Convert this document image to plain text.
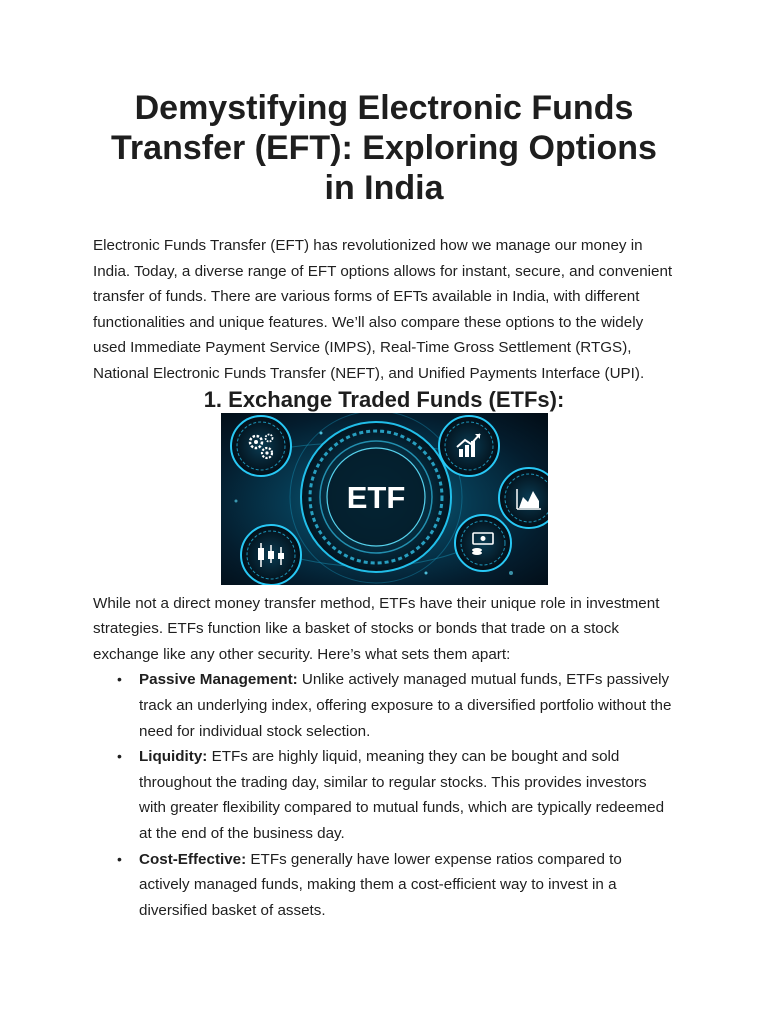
Demystifying Electronic Funds Transfer (EFT): Exploring Options in India

Electronic Funds Transfer (EFT) has revolutionized how we manage our money in India. Today, a diverse range of EFT options allows for instant, secure, and convenient transfer of funds. There are various forms of EFTs available in India, with different functionalities and unique features. We’ll also compare these options to the widely used Immediate Payment Service (IMPS), Real-Time Gross Settlement (RTGS), National Electronic Funds Transfer (NEFT), and Unified Payments Interface (UPI).

1. Exchange Traded Funds (ETFs):
ETF

While not a direct money transfer method, ETFs have their unique role in investment strategies. ETFs function like a basket of stocks or bonds that trade on a stock exchange like any other security. Here’s what sets them apart:

• Passive Management: Unlike actively managed mutual funds, ETFs passively track an underlying index, offering exposure to a diversified portfolio without the need for individual stock selection.
• Liquidity: ETFs are highly liquid, meaning they can be bought and sold throughout the trading day, similar to regular stocks. This provides investors with greater flexibility compared to mutual funds, which are typically redeemed at the end of the business day.
• Cost-Effective: ETFs generally have lower expense ratios compared to actively managed funds, making them a cost-efficient way to invest in a diversified basket of assets.
